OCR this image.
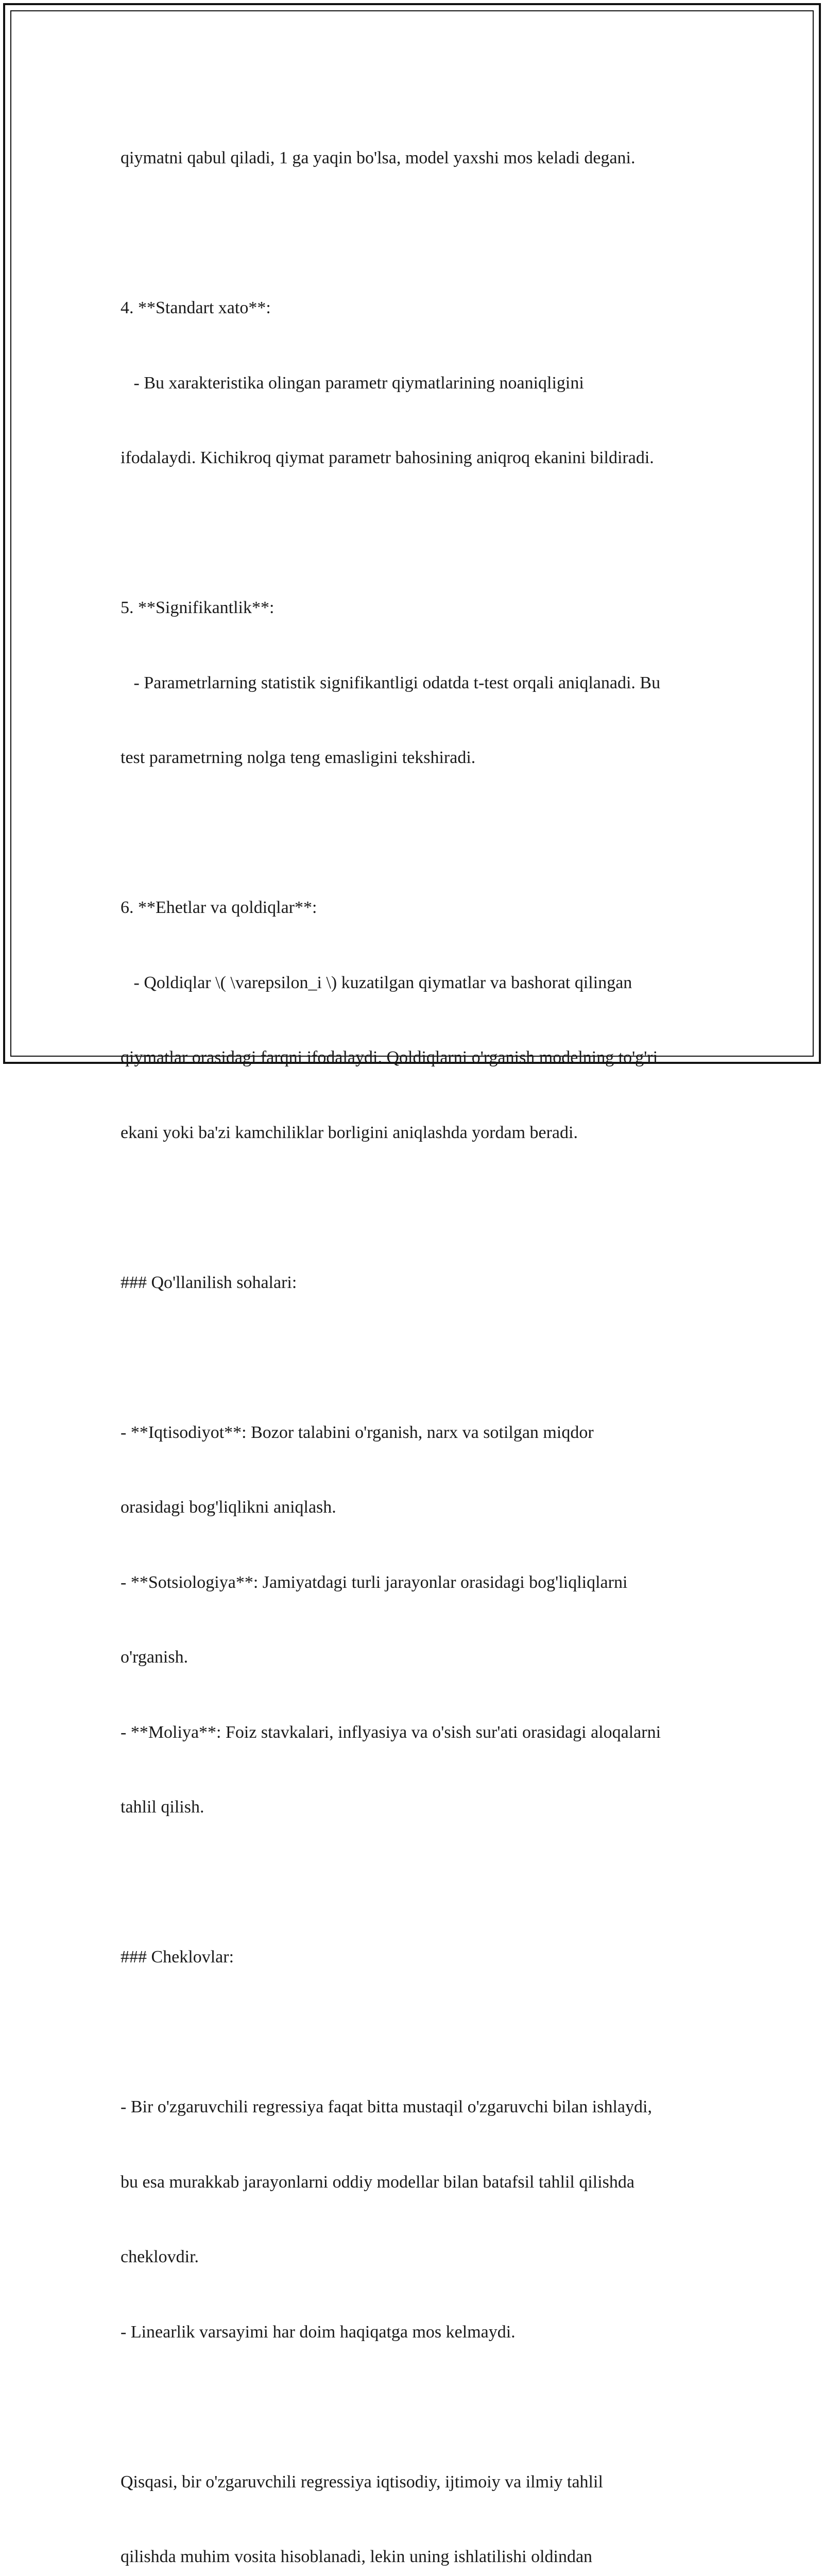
qiymatni qabul qiladi, 1 ga yaqin bo'lsa, model yaxshi mos keladi degani.

4. **Standart xato**:

- Bu xarakteristika olingan parametr qiymatlarining noaniqligini

ifodalaydi. Kichikroq qiymat parametr bahosining aniqroq ekanini bildiradi.

5. **Signifikantlik**:

- Parametrlarning statistik signifikantligi odatda t-test orqali aniqlanadi. Bu

test parametrning nolga teng emasligini tekshiradi.

6. **Ehetlar va qoldiqlar**:

- Qoldiqlar \( \varepsilon_i \) kuzatilgan qiymatlar va bashorat qilingan

qiymatlar orasidagi farqni ifodalaydi. Qoldiqlarni o'rganish modelning to'g'ri

ekani yoki ba'zi kamchiliklar borligini aniqlashda yordam beradi.

### Qo'llanilish sohalari:

- **Iqtisodiyot**: Bozor talabini o'rganish, narx va sotilgan miqdor

orasidagi bog'liqlikni aniqlash.

- **Sotsiologiya**: Jamiyatdagi turli jarayonlar orasidagi bog'liqliqlarni

o'rganish.

- **Moliya**: Foiz stavkalari, inflyasiya va o'sish sur'ati orasidagi aloqalarni

tahlil qilish.

### Cheklovlar:

- Bir o'zgaruvchili regressiya faqat bitta mustaqil o'zgaruvchi bilan ishlaydi,

bu esa murakkab jarayonlarni oddiy modellar bilan batafsil tahlil qilishda

cheklovdir.

- Linearlik varsayimi har doim haqiqatga mos kelmaydi.

Qisqasi, bir o'zgaruvchili regressiya iqtisodiy, ijtimoiy va ilmiy tahlil

qilishda muhim vosita hisoblanadi, lekin uning ishlatilishi oldindan
